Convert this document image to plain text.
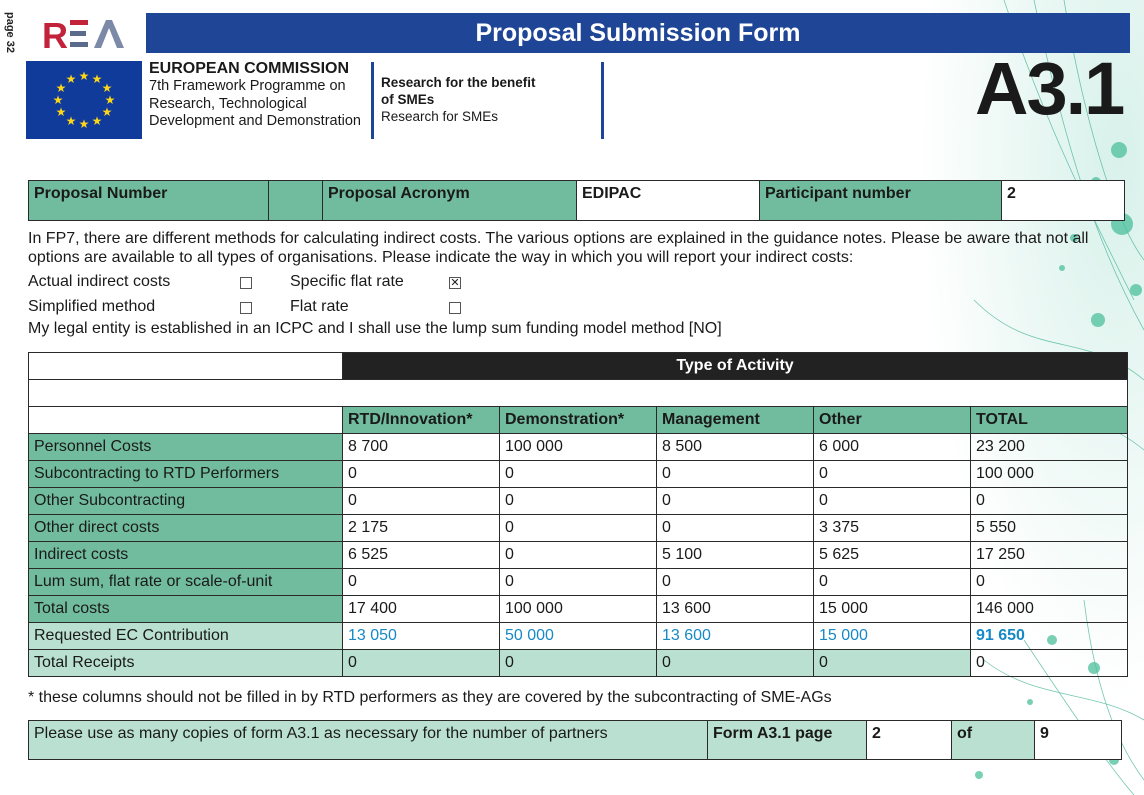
page 32 R	Proposal Submission Form
★ ★
★
★
★
★
★
★
★
★
★
★
EUROPEAN COMMISSION
7th Framework Programme on
Research, Technological
Development and Demonstration
Research for the benefit
of SMEs
Research for SMEs	A3.1
Proposal Number		Proposal Acronym	EDIPAC	Participant number	2
In FP7, there are different methods for calculating indirect costs. The various options are explained in the guidance notes. Please be aware that not all options are available to all types of organisations. Please indicate the way in which you will report your indirect costs:
Actual indirect costs	Specific flat rate	✕
Simplified method	Flat rate
My legal entity is established in an ICPC and I shall use the lump sum funding model method [NO]
	Type of Activity				

	RTD/Innovation*	Demonstration*	Management	Other	TOTAL
Personnel Costs	8 700	100 000	8 500	6 000	23 200
Subcontracting to RTD Performers	0	0	0	0	100 000
Other Subcontracting	0	0	0	0	0
Other direct costs	2 175	0	0	3 375	5 550
Indirect costs	6 525	0	5 100	5 625	17 250
Lum sum, flat rate or scale-of-unit	0	0	0	0	0
Total costs	17 400	100 000	13 600	15 000	146 000
Requested EC Contribution	13 050	50 000	13 600	15 000	91 650
Total Receipts	0	0	0	0	0
* these columns should not be filled in by RTD performers as they are covered by the subcontracting of SME-AGs
Please use as many copies of form A3.1 as necessary for the number of partners	Form A3.1 page	2	of	9
